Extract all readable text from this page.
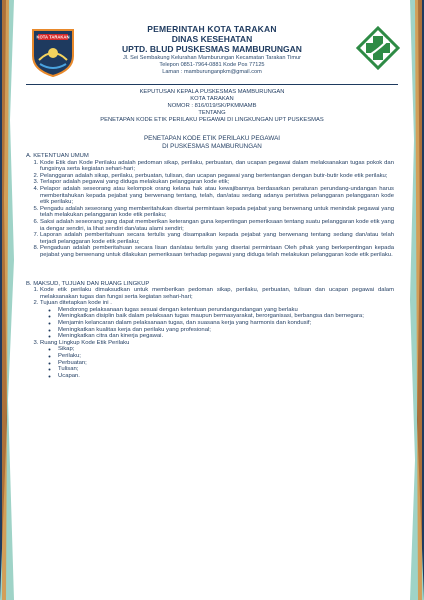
KOTA TARAKAN
PEMERINTAH KOTA TARAKAN
DINAS KESEHATAN
UPTD. BLUD PUSKESMAS MAMBURUNGAN
Jl. Sei Sembakung Kelurahan Mamburungan Kecamatan Tarakan Timur
Telepon 0851-7964-0881 Kode Pos 77125
Laman : mamburunganpkm@gmail.com
KEPUTUSAN KEPALA PUSKESMAS MAMBURUNGAN
KOTA TARAKAN
NOMOR : 816/019/SK/PKMMAMB
TENTANG
PENETAPAN KODE ETIK PERILAKU PEGAWAI DI LINGKUNGAN UPT PUSKESMAS
PENETAPAN KODE ETIK PERILAKU PEGAWAI
DI PUSKESMAS MAMBURUNGAN
A. KETENTUAN UMUM
1. Kode Etik dan Kode Perilaku adalah pedoman sikap, perilaku, perbuatan, dan ucapan pegawai dalam melaksanakan tugas pokok dan fungsinya serta kegiatan sehari-hari;
2. Pelanggaran adalah sikap, perilaku, perbuatan, tulisan, dan ucapan pegawai yang bertentangan dengan butir-butir kode etik perilaku;
3. Terlapor adalah pegawai yang diduga melakukan pelanggaran kode etik;
4. Pelapor adalah seseorang atau kelompok orang kelana hak atau kewajibannya berdasarkan peraturan perundang-undangan harus memberitahukan kepada pejabat yang berwenang tentang, telah, dan/atau sedang adanya peristiwa pelanggaran pelanggaran kode etik perilaku;
5. Pengadu adalah seseorang yang memberitahukan disertai permintaan kepada pejabat yang berwenang untuk menindak pegawai yang telah melakukan pelanggaran kode etik perilaku;
6. Saksi adalah seseorang yang dapat memberikan keterangan guna kepentingan pemeriksaan tentang suatu pelanggaran kode etik yang ia dengar sendiri, ia lihat sendiri dan/atau alami sendiri;
7. Laporan adalah pemberitahuan secara tertulis yang disampaikan kepada pejabat yang berwenang tentang sedang dan/atau telah terjadi pelanggaran kode etik perilaku;
8. Pengaduan adalah pemberitahuan secara lisan dan/atau tertulis yang disertai permintaan Oleh pihak yang berkepentingan kepada pejabat yang berwenang untuk dilakukan pemeriksaan terhadap pegawai yang diduga telah melakukan pelanggaran kode etik perilaku.
B. MAKSUD, TUJUAN DAN RUANG LINGKUP
1. Kode etik perilaku dimaksudkan untuk memberikan pedoman sikap, perilaku, perbuatan, tulisan dan ucapan pegawai dalam melaksanakan tugas dan fungsi serta kegiatan sehari-hari;
2. Tujuan ditetapkan kode ini .
◦ Mendorong pelaksanaan tugas sesuai dengan ketentuan perundangundangan yang berlaku
◦ Meningkatkan disiplin baik dalam pelaksaan tugas maupun bermasyarakat, berorganisasi, berbangsa dan bernegara;
◦ Menjamin kelancaran dalam pelaksanaan tugas, dan suasana kerja yang harmonis dan kondusif;
◦ Meningkatkan kualitas kerja dan perilaku yang profesional;
◦ Meningkatkan citra dan kinerja pegawai.
3. Ruang Lingkup Kode Etik Perilaku
◦ Sikap;
◦ Perilaku;
◦ Perbuatan;
◦ Tulisan;
◦ Ucapan.
